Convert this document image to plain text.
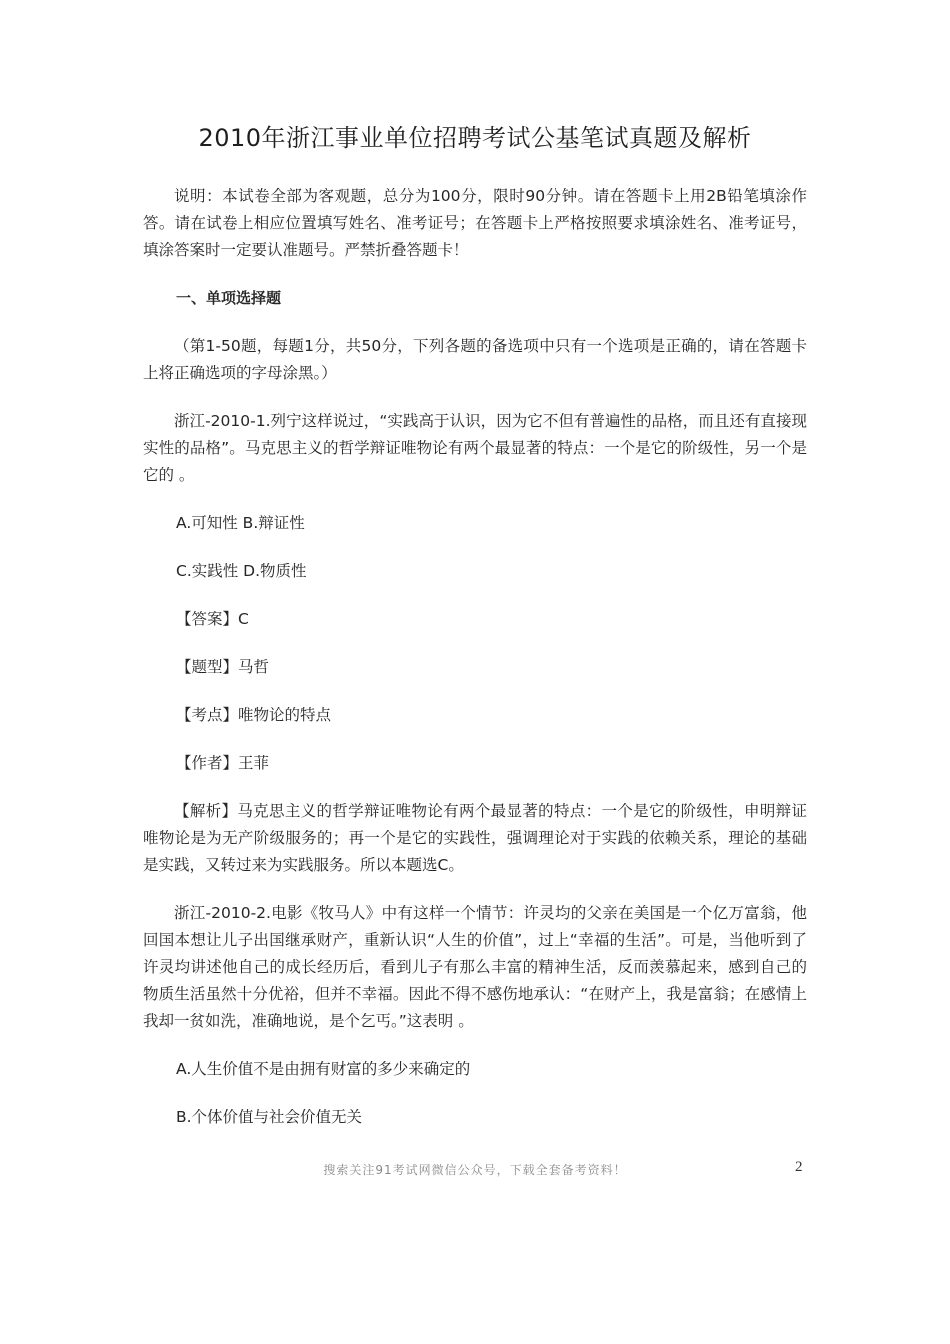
2010年浙江事业单位招聘考试公基笔试真题及解析

说明：本试卷全部为客观题，总分为100分，限时90分钟。请在答题卡上用2B铅笔填涂作答。请在试卷上相应位置填写姓名、准考证号；在答题卡上严格按照要求填涂姓名、准考证号，填涂答案时一定要认准题号。严禁折叠答题卡！

一、单项选择题

（第1-50题，每题1分，共50分，下列各题的备选项中只有一个选项是正确的，请在答题卡上将正确选项的字母涂黑。）

浙江-2010-1.列宁这样说过，“实践高于认识，因为它不但有普遍性的品格，而且还有直接现实性的品格”。马克思主义的哲学辩证唯物论有两个最显著的特点：一个是它的阶级性，另一个是它的 。

A.可知性 B.辩证性

C.实践性 D.物质性

【答案】C

【题型】马哲

【考点】唯物论的特点

【作者】王菲

【解析】马克思主义的哲学辩证唯物论有两个最显著的特点：一个是它的阶级性，申明辩证唯物论是为无产阶级服务的；再一个是它的实践性，强调理论对于实践的依赖关系，理论的基础是实践，又转过来为实践服务。所以本题选C。

浙江-2010-2.电影《牧马人》中有这样一个情节：许灵均的父亲在美国是一个亿万富翁，他回国本想让儿子出国继承财产，重新认识“人生的价值”，过上“幸福的生活”。可是，当他听到了许灵均讲述他自己的成长经历后，看到儿子有那么丰富的精神生活，反而羡慕起来，感到自己的物质生活虽然十分优裕，但并不幸福。因此不得不感伤地承认：“在财产上，我是富翁；在感情上我却一贫如洗，准确地说，是个乞丐。”这表明 。

A.人生价值不是由拥有财富的多少来确定的

B.个体价值与社会价值无关

搜索关注91考试网微信公众号，下载全套备考资料！	2
